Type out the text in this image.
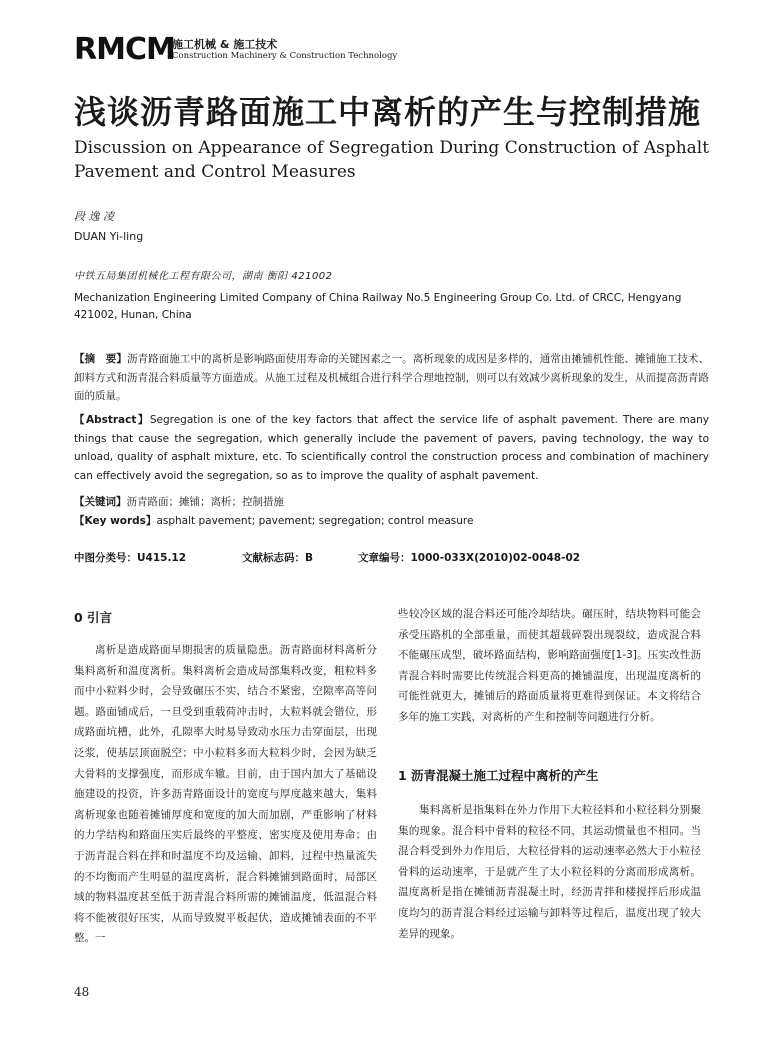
RMCM
施工机械 & 施工技术
Construction Machinery & Construction Technology
浅谈沥青路面施工中离析的产生与控制措施
Discussion on Appearance of Segregation During Construction of Asphalt Pavement and Control Measures
段 逸 凌
DUAN Yi-ling
中铁五局集团机械化工程有限公司，湖南 衡阳 421002
Mechanization Engineering Limited Company of China Railway No.5 Engineering Group Co. Ltd. of CRCC, Hengyang 421002, Hunan, China
【摘　要】沥青路面施工中的离析是影响路面使用寿命的关键因素之一。离析现象的成因是多样的，通常由摊铺机性能、摊铺施工技术、卸料方式和沥青混合料质量等方面造成。从施工过程及机械组合进行科学合理地控制，则可以有效减少离析现象的发生，从而提高沥青路面的质量。
【Abstract】Segregation is one of the key factors that affect the service life of asphalt pavement. There are many things that cause the segregation, which generally include the pavement of pavers, paving technology, the way to unload, quality of asphalt mixture, etc. To scientifically control the construction process and combination of machinery can effectively avoid the segregation, so as to improve the quality of asphalt pavement.
【关键词】沥青路面；摊铺；离析；控制措施
【Key words】asphalt pavement; pavement; segregation; control measure
中图分类号：U415.12	文献标志码：B	文章编号：1000-033X(2010)02-0048-02
0 引言

离析是造成路面早期损害的质量隐患。沥青路面材料离析分集料离析和温度离析。集料离析会造成局部集料改变，粗粒料多而中小粒料少时，会导致碾压不实，结合不紧密，空隙率高等问题。路面铺成后，一旦受到重载荷冲击时，大粒料就会错位，形成路面坑槽，此外，孔隙率大时易导致动水压力击穿面层，出现泛浆，使基层顶面脱空；中小粒料多而大粒料少时，会因为缺乏大骨料的支撑强度，而形成车辙。目前，由于国内加大了基础设施建设的投资，许多沥青路面设计的宽度与厚度越来越大，集料离析现象也随着摊铺厚度和宽度的加大而加剧，严重影响了材料的力学结构和路面压实后最终的平整度、密实度及使用寿命；由于沥青混合料在拌和时温度不均及运输、卸料，过程中热量流失的不均衡而产生明显的温度离析，混合料摊铺到路面时，局部区域的物料温度甚至低于沥青混合料所需的摊铺温度，低温混合料将不能被很好压实，从而导致熨平板起伏，造成摊铺表面的不平整。一

些较冷区域的混合料还可能冷却结块。碾压时，结块物料可能会承受压路机的全部重量，而使其超载碎裂出现裂纹，造成混合料不能碾压成型，破坏路面结构，影响路面强度[1-3]。压实改性沥青混合料时需要比传统混合料更高的摊铺温度，出现温度离析的可能性就更大，摊铺后的路面质量将更难得到保证。本文将结合多年的施工实践，对离析的产生和控制等问题进行分析。

1 沥青混凝土施工过程中离析的产生

集料离析是指集料在外力作用下大粒径料和小粒径料分别聚集的现象。混合料中骨料的粒径不同，其运动惯量也不相同。当混合料受到外力作用后，大粒径骨料的运动速率必然大于小粒径骨料的运动速率，于是就产生了大小粒径料的分离而形成离析。温度离析是指在摊铺沥青混凝土时，经沥青拌和楼搅拌后形成温度均匀的沥青混合料经过运输与卸料等过程后，温度出现了较大差异的现象。

48
